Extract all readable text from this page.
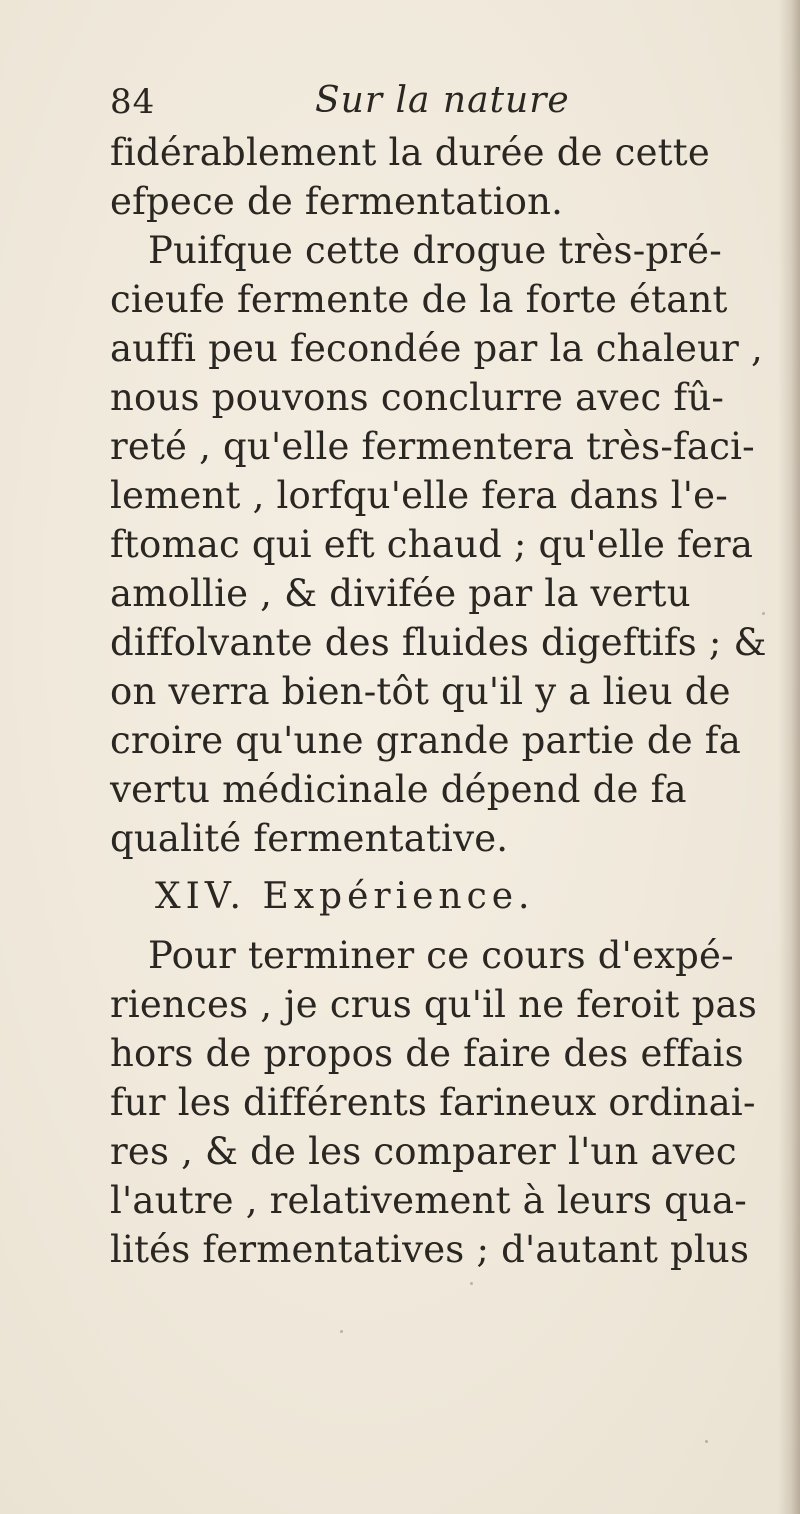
84	Sur la nature
fidérablement la durée de cette
efpece de fermentation.
Puifque cette drogue très-pré-
cieufe fermente de la forte étant
auffi peu fecondée par la chaleur ,
nous pouvons conclurre avec fû-
reté , qu'elle fermentera très-faci-
lement , lorfqu'elle fera dans l'e-
ftomac qui eft chaud ; qu'elle fera
amollie , & divifée par la vertu
diffolvante des fluides digeftifs ; &
on verra bien-tôt qu'il y a lieu de
croire qu'une grande partie de fa
vertu médicinale dépend de fa
qualité fermentative.
XIV. Expérience.
Pour terminer ce cours d'expé-
riences , je crus qu'il ne feroit pas
hors de propos de faire des effais
fur les différents farineux ordinai-
res , & de les comparer l'un avec
l'autre , relativement à leurs qua-
lités fermentatives ; d'autant plus
